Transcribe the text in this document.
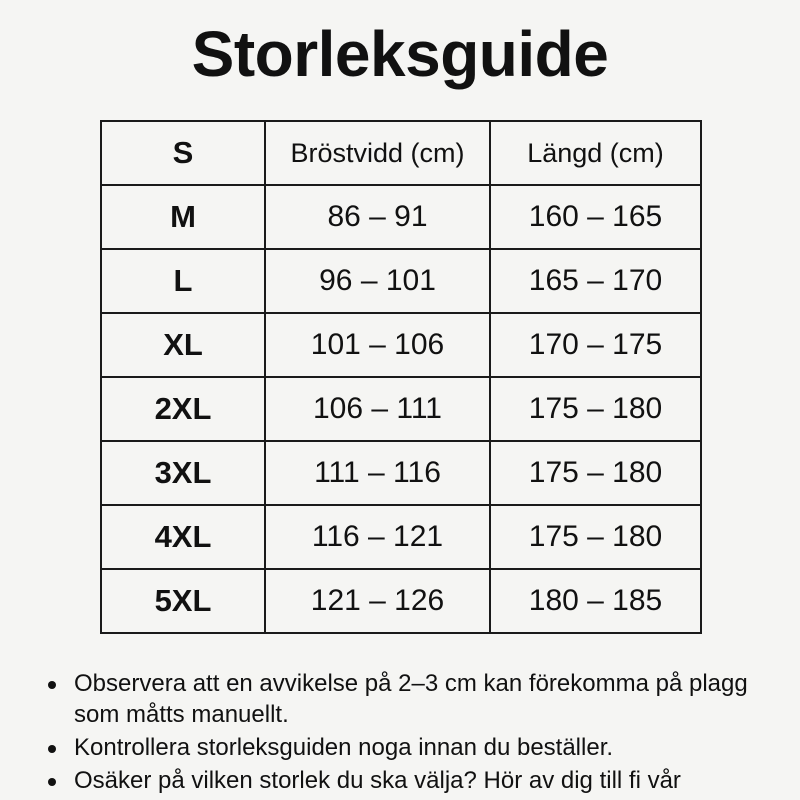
Storleksguide
S	Bröstvidd (cm)	Längd (cm)
M	86 – 91	160 – 165
L	96 – 101	165 – 170
XL	101 – 106	170 – 175
2XL	106 – 111	175 – 180
3XL	111 – 116	175 – 180
4XL	116 – 121	175 – 180
5XL	121 – 126	180 – 185
Observera att en avvikelse på 2–3 cm kan förekomma på plagg som måtts manuellt.
Kontrollera storleksguiden noga innan du beställer.
Osäker på vilken storlek du ska välja? Hör av dig till fi vår
